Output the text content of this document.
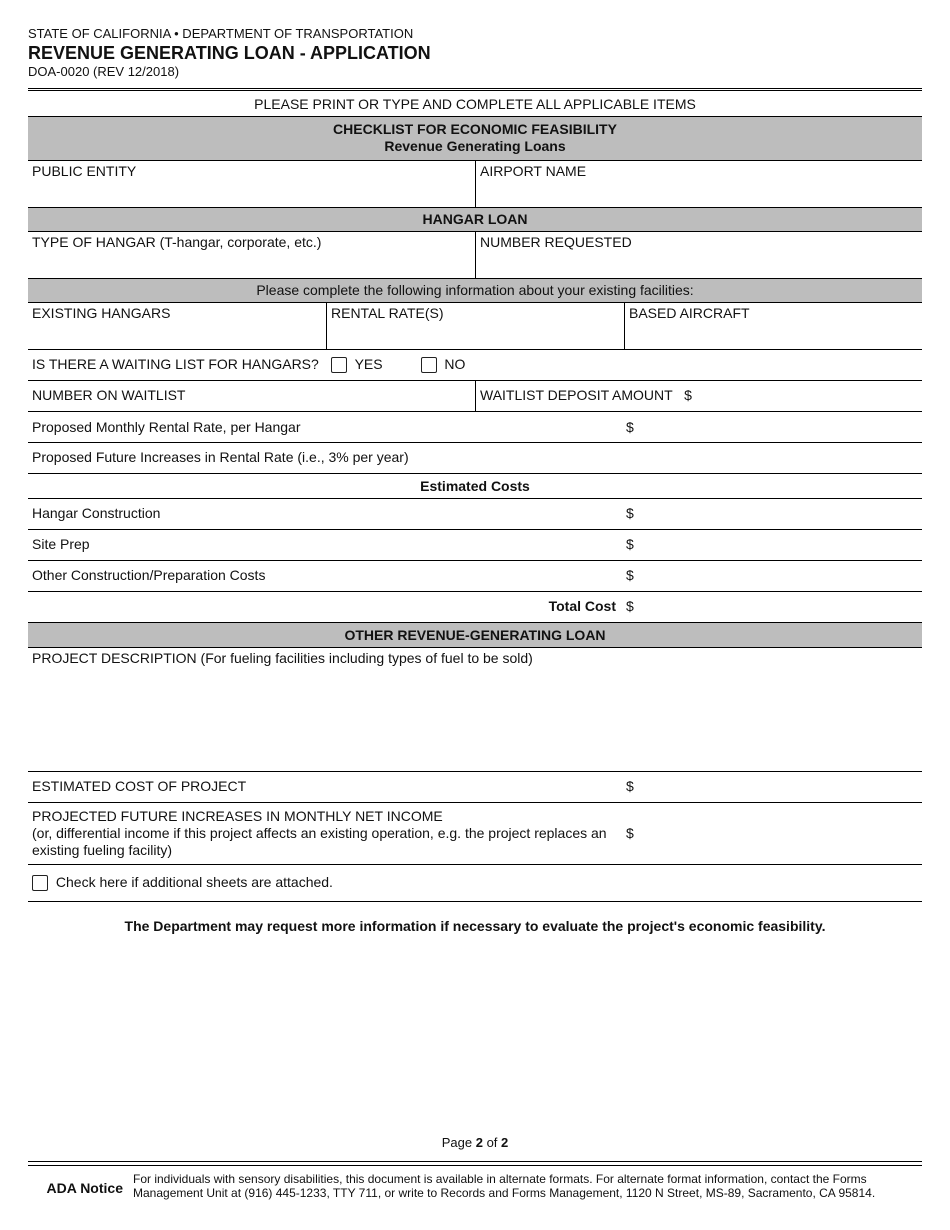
STATE OF CALIFORNIA • DEPARTMENT OF TRANSPORTATION
REVENUE GENERATING LOAN - APPLICATION
DOA-0020 (REV 12/2018)
PLEASE PRINT OR TYPE AND COMPLETE ALL APPLICABLE ITEMS
CHECKLIST FOR ECONOMIC FEASIBILITY
Revenue Generating Loans
PUBLIC ENTITY	AIRPORT NAME
HANGAR LOAN
TYPE OF HANGAR (T-hangar, corporate, etc.)	NUMBER REQUESTED
Please complete the following information about your existing facilities:
EXISTING HANGARS	RENTAL RATE(S)	BASED AIRCRAFT
IS THERE A WAITING LIST FOR HANGARS?	YES	NO
NUMBER ON WAITLIST	WAITLIST DEPOSIT AMOUNT   $
Proposed Monthly Rental Rate, per Hangar	$
Proposed Future Increases in Rental Rate (i.e., 3% per year)
Estimated Costs
Hangar Construction	$
Site Prep	$
Other Construction/Preparation Costs	$
Total Cost $
OTHER REVENUE-GENERATING LOAN
PROJECT DESCRIPTION (For fueling facilities including types of fuel to be sold)
ESTIMATED COST OF PROJECT	$
PROJECTED FUTURE INCREASES IN MONTHLY NET INCOME
(or, differential income if this project affects an existing operation, e.g. the project replaces an existing fueling facility)
$
Check here if additional sheets are attached.
The Department may request more information if necessary to evaluate the project's economic feasibility.
Page 2 of 2
ADA Notice
For individuals with sensory disabilities, this document is available in alternate formats. For alternate format information, contact the Forms Management Unit at (916) 445-1233, TTY 711, or write to Records and Forms Management, 1120 N Street, MS-89, Sacramento, CA 95814.
